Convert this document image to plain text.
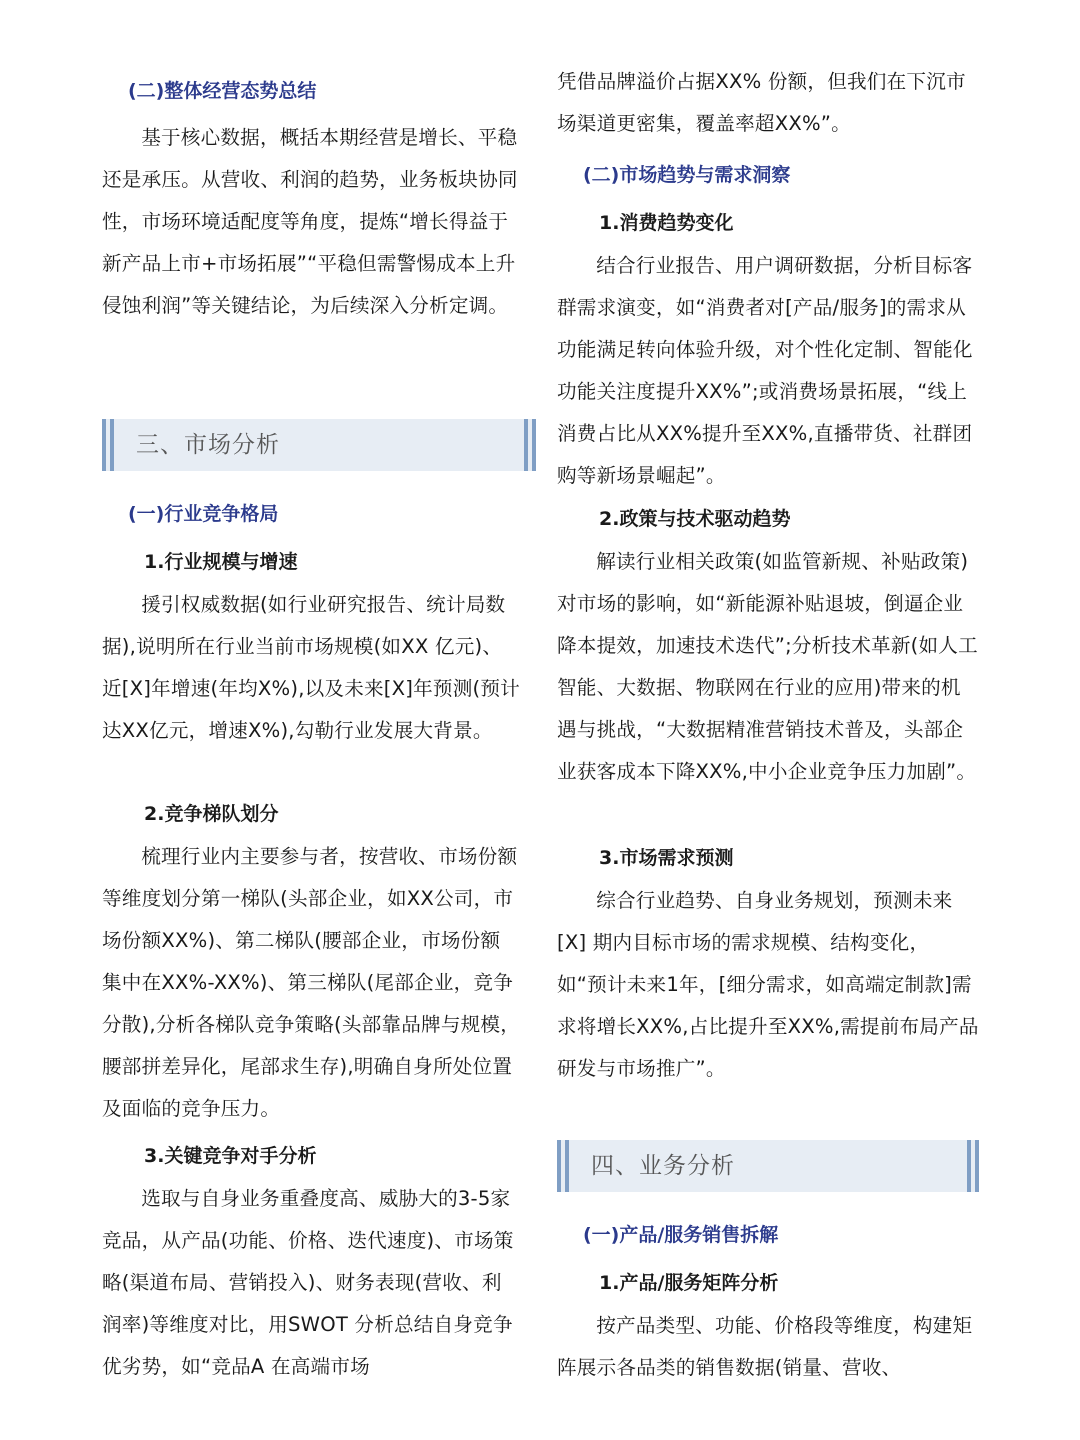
(二)整体经营态势总结

基于核心数据，概括本期经营是增长、平稳还是承压。从营收、利润的趋势，业务板块协同性，市场环境适配度等角度，提炼“增长得益于新产品上市+市场拓展”“平稳但需警惕成本上升侵蚀利润”等关键结论，为后续深入分析定调。

三、市场分析
(一)行业竞争格局
1.行业规模与增速

援引权威数据(如行业研究报告、统计局数据),说明所在行业当前市场规模(如XX 亿元)、近[X]年增速(年均X%),以及未来[X]年预测(预计达XX亿元，增速X%),勾勒行业发展大背景。

2.竞争梯队划分

梳理行业内主要参与者，按营收、市场份额等维度划分第一梯队(头部企业，如XX公司，市场份额XX%)、第二梯队(腰部企业，市场份额集中在XX%-XX%)、第三梯队(尾部企业，竞争分散),分析各梯队竞争策略(头部靠品牌与规模，腰部拼差异化，尾部求生存),明确自身所处位置及面临的竞争压力。

3.关键竞争对手分析

选取与自身业务重叠度高、威胁大的3-5家竞品，从产品(功能、价格、迭代速度)、市场策略(渠道布局、营销投入)、财务表现(营收、利润率)等维度对比，用SWOT 分析总结自身竞争优劣势，如“竞品A 在高端市场

凭借品牌溢价占据XX% 份额，但我们在下沉市场渠道更密集，覆盖率超XX%”。

(二)市场趋势与需求洞察
1.消费趋势变化

结合行业报告、用户调研数据，分析目标客群需求演变，如“消费者对[产品/服务]的需求从功能满足转向体验升级，对个性化定制、智能化功能关注度提升XX%”;或消费场景拓展，“线上消费占比从XX%提升至XX%,直播带货、社群团购等新场景崛起”。

2.政策与技术驱动趋势

解读行业相关政策(如监管新规、补贴政策)对市场的影响，如“新能源补贴退坡，倒逼企业降本提效，加速技术迭代”;分析技术革新(如人工智能、大数据、物联网在行业的应用)带来的机遇与挑战，“大数据精准营销技术普及，头部企业获客成本下降XX%,中小企业竞争压力加剧”。

3.市场需求预测

综合行业趋势、自身业务规划，预测未来[X] 期内目标市场的需求规模、结构变化，如“预计未来1年，[细分需求，如高端定制款]需求将增长XX%,占比提升至XX%,需提前布局产品研发与市场推广”。

四、业务分析
(一)产品/服务销售拆解
1.产品/服务矩阵分析

按产品类型、功能、价格段等维度，构建矩阵展示各品类的销售数据(销量、营收、
